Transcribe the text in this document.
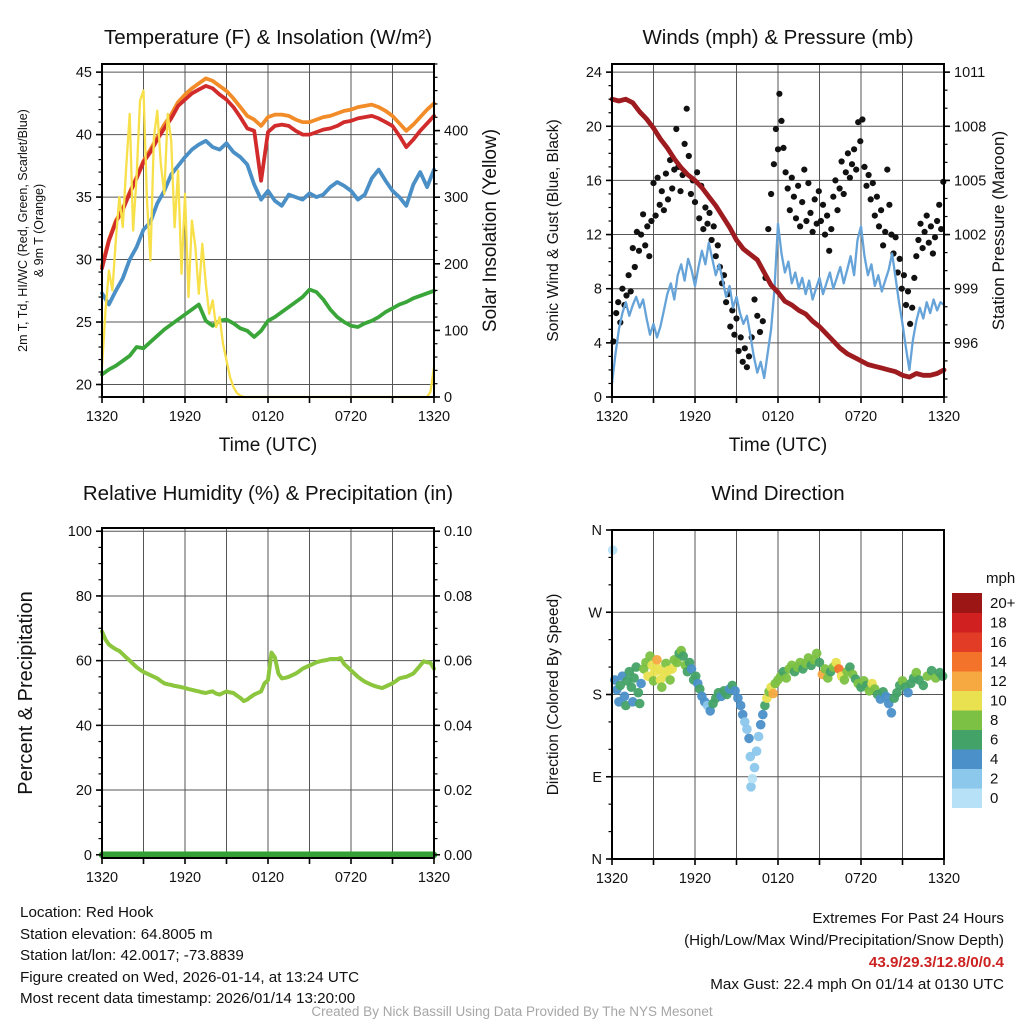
1320	1920	0120	0720	1320
Time (UTC)
20
25
30
35
40
45
2m T, Td, HI/WC (Red, Green, Scarlet/Blue) & 9m T (Orange)
0
100
200
300
400 Solar Insolation (Yellow)
Temperature (F) & Insolation (W/m²)
1320	1920	0120	0720	1320
Time (UTC)
0
4
8
12
16
20
24
Sonic Wind & Gust (Blue, Black)
996
999
1002
1005
1008
1011
Station Pressure (Maroon)
Winds (mph) & Pressure (mb)
1320	1920	0120	0720	1320
0
20
40
60
80
100
Percent & Precipitation
0.00
0.02
0.04
0.06
0.08
0.10
Relative Humidity (%) & Precipitation (in)
1320	1920	0120	0720	1320
N
W
S
E
N
Direction (Colored By Speed)
Wind Direction
20+
18
16
14
12
10
8
6
4
2
0
mph
Location: Red Hook
Station elevation: 64.8005 m
Station lat/lon: 42.0017; -73.8839
Figure created on Wed, 2026-01-14, at 13:24 UTC
Most recent data timestamp: 2026/01/14 13:20:00
Extremes For Past 24 Hours
(High/Low/Max Wind/Precipitation/Snow Depth)
43.9/29.3/12.8/0/0.4
Max Gust: 22.4 mph On 01/14 at 0130 UTC
Created By Nick Bassill Using Data Provided By The NYS Mesonet
